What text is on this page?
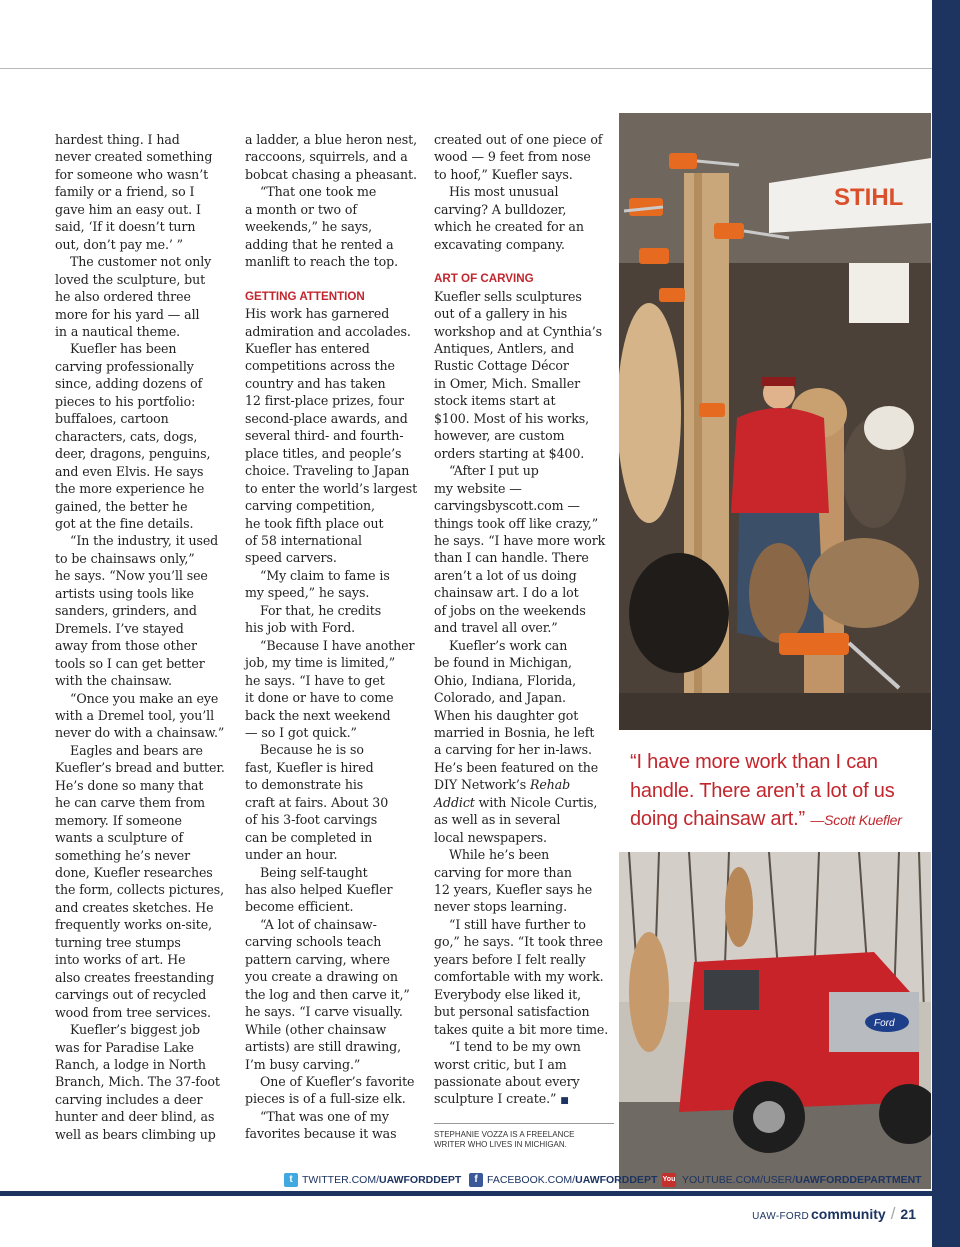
hardest thing. I had
never created something
for someone who wasn’t
family or a friend, so I
gave him an easy out. I
said, ‘If it doesn’t turn
out, don’t pay me.’ ”

The customer not only
loved the sculpture, but
he also ordered three
more for his yard — all
in a nautical theme.

Kuefler has been
carving professionally
since, adding dozens of
pieces to his portfolio:
buffaloes, cartoon
characters, cats, dogs,
deer, dragons, penguins,
and even Elvis. He says
the more experience he
gained, the better he
got at the fine details.

“In the industry, it used
to be chainsaws only,”
he says. “Now you’ll see
artists using tools like
sanders, grinders, and
Dremels. I’ve stayed
away from those other
tools so I can get better
with the chainsaw.

“Once you make an eye
with a Dremel tool, you’ll
never do with a chainsaw.”

Eagles and bears are
Kuefler’s bread and butter.
He’s done so many that
he can carve them from
memory. If someone
wants a sculpture of
something he’s never
done, Kuefler researches
the form, collects pictures,
and creates sketches. He
frequently works on-site,
turning tree stumps
into works of art. He
also creates freestanding
carvings out of recycled
wood from tree services.

Kuefler’s biggest job
was for Paradise Lake
Ranch, a lodge in North
Branch, Mich. The 37-foot
carving includes a deer
hunter and deer blind, as
well as bears climbing up

a ladder, a blue heron nest,
raccoons, squirrels, and a
bobcat chasing a pheasant.

“That one took me
a month or two of
weekends,” he says,
adding that he rented a
manlift to reach the top.

GETTING ATTENTION

His work has garnered
admiration and accolades.
Kuefler has entered
competitions across the
country and has taken
12 first-place prizes, four
second-place awards, and
several third- and fourth-
place titles, and people’s
choice. Traveling to Japan
to enter the world’s largest
carving competition,
he took fifth place out
of 58 international
speed carvers.

“My claim to fame is
my speed,” he says.

For that, he credits
his job with Ford.

“Because I have another
job, my time is limited,”
he says. “I have to get
it done or have to come
back the next weekend
— so I got quick.”

Because he is so
fast, Kuefler is hired
to demonstrate his
craft at fairs. About 30
of his 3-foot carvings
can be completed in
under an hour.

Being self-taught
has also helped Kuefler
become efficient.

“A lot of chainsaw-
carving schools teach
pattern carving, where
you create a drawing on
the log and then carve it,”
he says. “I carve visually.
While (other chainsaw
artists) are still drawing,
I’m busy carving.”

One of Kuefler’s favorite
pieces is of a full-size elk.

“That was one of my
favorites because it was

created out of one piece of
wood — 9 feet from nose
to hoof,” Kuefler says.

His most unusual
carving? A bulldozer,
which he created for an
excavating company.

ART OF CARVING

Kuefler sells sculptures
out of a gallery in his
workshop and at Cynthia’s
Antiques, Antlers, and
Rustic Cottage Décor
in Omer, Mich. Smaller
stock items start at
$100. Most of his works,
however, are custom
orders starting at $400.

“After I put up
my website —
carvingsbyscott.com —
things took off like crazy,”
he says. “I have more work
than I can handle. There
aren’t a lot of us doing
chainsaw art. I do a lot
of jobs on the weekends
and travel all over.”

Kuefler’s work can
be found in Michigan,
Ohio, Indiana, Florida,
Colorado, and Japan.
When his daughter got
married in Bosnia, he left
a carving for her in-laws.
He’s been featured on the
DIY Network’s Rehab
Addict with Nicole Curtis,
as well as in several
local newspapers.

While he’s been
carving for more than
12 years, Kuefler says he
never stops learning.

“I still have further to
go,” he says. “It took three
years before I felt really
comfortable with my work.
Everybody else liked it,
but personal satisfaction
takes quite a bit more time.

“I tend to be my own
worst critic, but I am
passionate about every
sculpture I create.” ■

STEPHANIE VOZZA IS A FREELANCE
WRITER WHO LIVES IN MICHIGAN.
STIHL
“I have more work than I can handle. There aren’t a lot of us doing chainsaw art.” —Scott Kuefler
Ford
t TWITTER.COM/UAWFORDDEPT	f FACEBOOK.COM/UAWFORDDEPT You YOUTUBE.COM/USER/UAWFORDDEPARTMENT
UAW-FORD community / 21
